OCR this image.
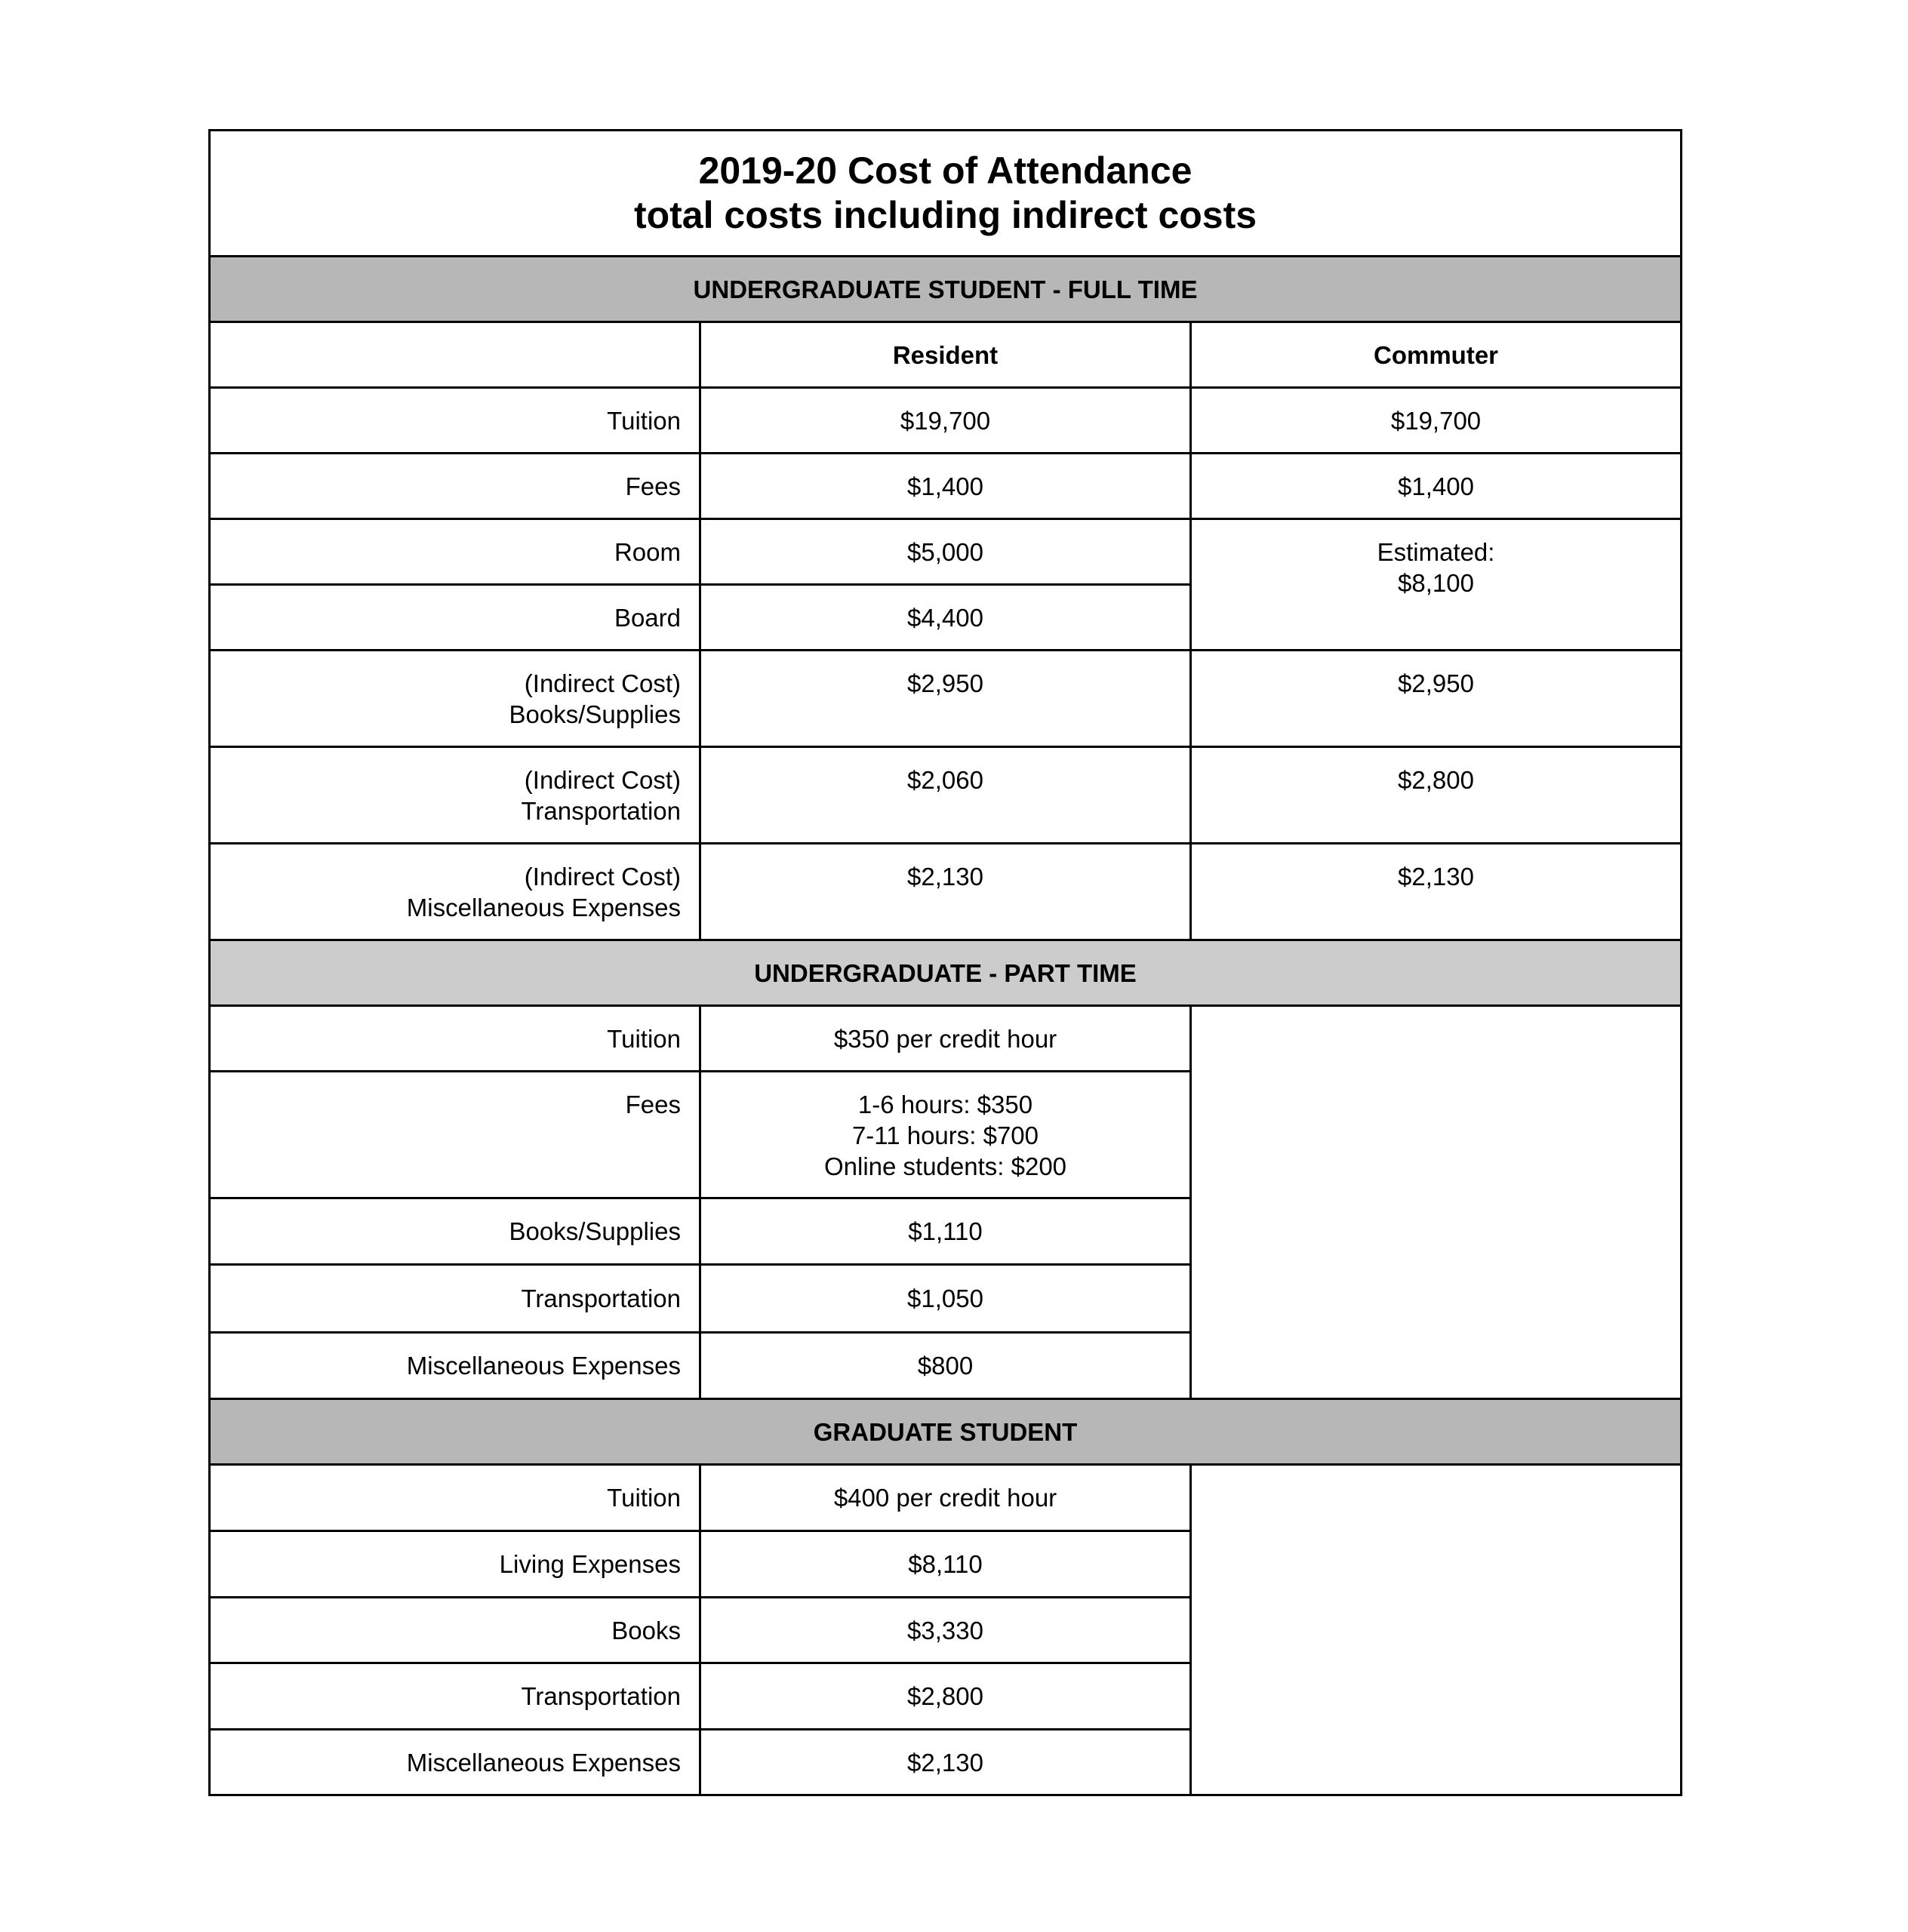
2019-20 Cost of Attendance
total costs including indirect costs		

UNDERGRADUATE STUDENT - FULL TIME		
	Resident	Commuter
Tuition	$19,700	$19,700
Fees	$1,400	$1,400
Room	$5,000	Estimated:
$8,100

Board	$4,400	

(Indirect Cost)
Books/Supplies	$2,950	$2,950

(Indirect Cost)
Transportation	$2,060	$2,800

(Indirect Cost)
Miscellaneous Expenses	$2,130	$2,130
UNDERGRADUATE - PART TIME		
Tuition	$350 per credit hour	
Fees	1-6 hours: $350
7-11 hours: $700
Online students: $200	

Books/Supplies	$1,110	
Transportation	$1,050	
Miscellaneous Expenses	$800	
GRADUATE STUDENT		
Tuition	$400 per credit hour	
Living Expenses	$8,110	
Books	$3,330	
Transportation	$2,800	
Miscellaneous Expenses	$2,130	
